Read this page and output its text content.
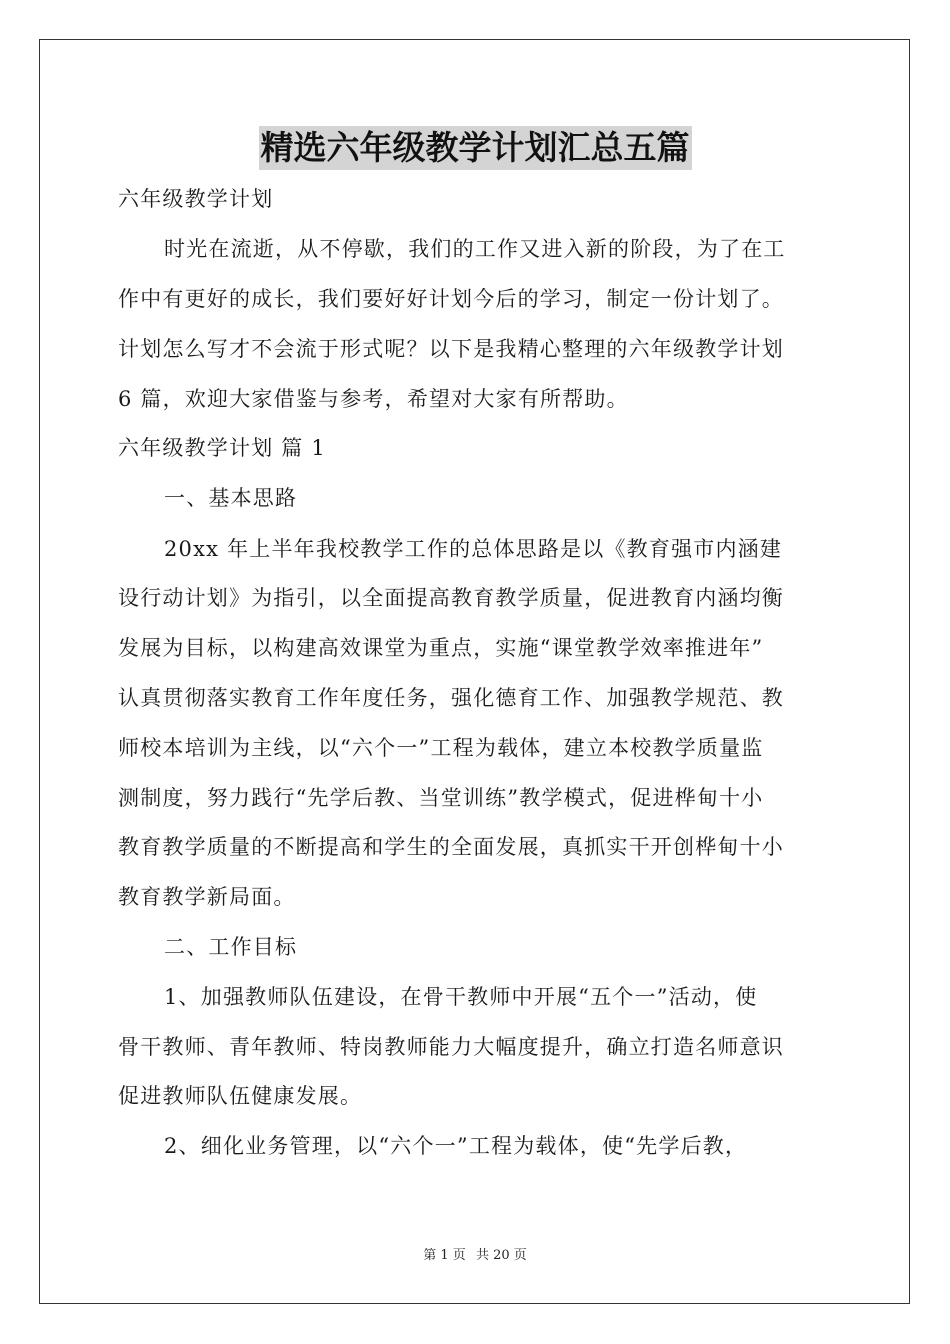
精选六年级教学计划汇总五篇
六年级教学计划
时光在流逝，从不停歇，我们的工作又进入新的阶段，为了在工
作中有更好的成长，我们要好好计划今后的学习，制定一份计划了。
计划怎么写才不会流于形式呢？以下是我精心整理的六年级教学计划
6 篇，欢迎大家借鉴与参考，希望对大家有所帮助。
六年级教学计划 篇 1
一、基本思路
20xx 年上半年我校教学工作的总体思路是以《教育强市内涵建
设行动计划》为指引，以全面提高教育教学质量，促进教育内涵均衡
发展为目标，以构建高效课堂为重点，实施“课堂教学效率推进年”
认真贯彻落实教育工作年度任务，强化德育工作、加强教学规范、教
师校本培训为主线，以“六个一”工程为载体，建立本校教学质量监
测制度，努力践行“先学后教、当堂训练”教学模式，促进桦甸十小
教育教学质量的不断提高和学生的全面发展，真抓实干开创桦甸十小
教育教学新局面。
二、工作目标
1、加强教师队伍建设，在骨干教师中开展“五个一”活动，使
骨干教师、青年教师、特岗教师能力大幅度提升，确立打造名师意识
促进教师队伍健康发展。
2、细化业务管理，以“六个一”工程为载体，使“先学后教，
第 1 页 共 20 页
